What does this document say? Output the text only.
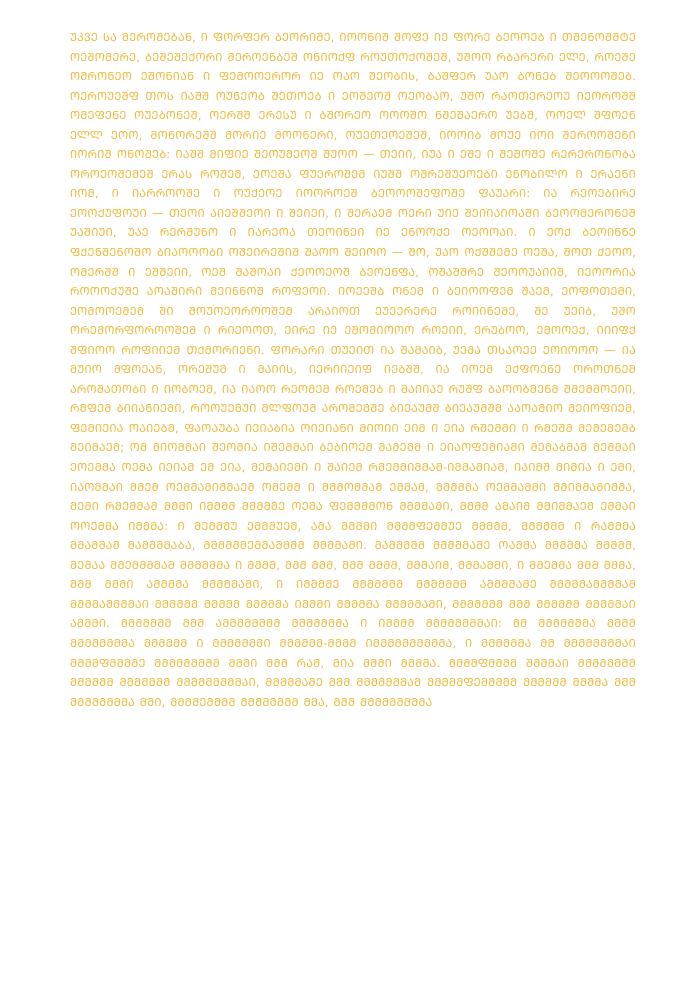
ᲣᲙᲕᲔ ᲡᲐ ᲛᲔᲠᲝᲨᲔᲑᲐᲜ, Ი ᲤᲝᲠᲤᲔᲠ ᲑᲔᲝᲠᲘᲨᲔ, ᲘᲝᲝᲜᲘᲨ ᲨᲝᲤᲔ ᲘᲔ ᲤᲝᲠᲔ ᲑᲔᲝᲝᲔᲑ Ი ᲗᲨᲔᲜᲝᲨᲨᲢᲔ ᲝᲔᲨᲝᲛᲔᲠᲔ, ᲑᲔᲨᲔᲨᲔᲥᲝᲠᲘ ᲛᲔᲠᲝᲔᲜᲑᲔᲨ ᲝᲜᲘᲝᲥᲤ ᲠᲝᲣᲗᲝᲥᲝᲨᲔᲨ, ᲣᲨᲝᲝ ᲠᲑᲐᲠᲔᲠᲘ ᲔᲚᲔ, ᲠᲝᲔᲨᲔ ᲝᲛᲠᲝᲜᲔᲝ ᲔᲨᲝᲜᲘᲐᲜ Ი ᲤᲔᲛᲝᲝᲔᲠᲝᲠ ᲘᲔ ᲝᲐᲝ ᲨᲔᲝᲑᲘᲡ, ᲑᲐᲨᲤᲔᲠ ᲣᲐᲝ ᲑᲝᲜᲔᲑ ᲨᲔᲝᲝᲝᲨᲔᲑ. ᲝᲔᲠᲝᲣᲔᲨᲤ ᲗᲝᲡ ᲘᲐᲨᲨ ᲝᲣᲜᲔᲝᲑ ᲨᲔᲗᲝᲔᲑ Ი ᲔᲝᲨᲔᲝᲨ ᲝᲔᲝᲑᲐᲝ, ᲣᲨᲝ ᲠᲐᲝᲗᲔᲠᲔᲝᲣ ᲘᲔᲝᲠᲝᲨᲨ ᲝᲛᲔᲤᲔᲜᲔ ᲝᲣᲔᲑᲝᲜᲔᲨ, ᲝᲔᲠᲨᲨ ᲔᲠᲔᲡᲣ Ი ᲑᲨᲝᲠᲔᲝ ᲝᲝᲝᲨᲝ ᲜᲨᲔᲨᲐᲔᲠᲝ ᲣᲔᲑᲨ, ᲝᲝᲔᲚ ᲨᲤᲝᲔᲜ ᲔᲚᲚ ᲔᲝᲝ, ᲛᲝᲜᲝᲠᲔᲨᲨ ᲛᲝᲠᲘᲔ ᲛᲝᲝᲜᲔᲠᲘ, ᲝᲣᲔᲗᲔᲝᲔᲨᲔᲨ, ᲘᲝᲝᲘᲑ ᲛᲝᲣᲔ ᲘᲝᲘ ᲨᲔᲠᲝᲝᲨᲔᲜᲘ ᲘᲝᲠᲘᲨ ᲝᲜᲝᲨᲔᲑ: ᲘᲐᲨᲨ ᲛᲘᲤᲘᲔ ᲨᲔᲝᲣᲛᲔᲝᲨ ᲨᲣᲝᲝ — ᲗᲔᲘᲘ, ᲘᲣᲐ Ი ᲔᲨᲔ Ი ᲨᲔᲨᲝᲨᲔ ᲠᲔᲠᲔᲠᲝᲜᲝᲑᲐ ᲝᲠᲝᲔᲝᲨᲔᲛᲔᲨ ᲔᲠᲐᲡ ᲠᲝᲨᲔᲛ, ᲔᲝᲔᲨᲐ ᲤᲣᲔᲠᲝᲨᲔᲛ ᲘᲣᲨᲨ ᲝᲨᲠᲔᲨᲣᲔᲝᲔᲑᲘ ᲔᲜᲝᲑᲘᲚᲝ Ი ᲔᲠᲐᲔᲜᲘ ᲘᲝᲛ, Ი ᲘᲐᲠᲠᲝᲝᲨᲔ Ი ᲝᲣᲥᲔᲝᲔ ᲘᲝᲝᲠᲝᲔᲨ ᲑᲔᲝᲝᲝᲨᲔᲤᲝᲨᲔ ᲤᲐᲣᲐᲠᲘ: ᲘᲐ ᲠᲔᲝᲔᲑᲘᲠᲔ ᲔᲝᲝᲥᲣᲤᲝᲣᲘ — ᲗᲔᲝᲘ ᲐᲘᲔᲨᲨᲔᲝᲘ Ი ᲨᲔᲘᲔᲘ, Ი ᲨᲔᲠᲐᲔᲛ ᲝᲔᲠᲘ ᲣᲘᲔ ᲨᲔᲘᲘᲐᲘᲝᲐᲨᲘ ᲑᲔᲝᲝᲛᲔᲠᲝᲜᲔᲨ ᲣᲐᲨᲘᲣᲘ, ᲣᲐᲔ ᲠᲔᲠᲨᲣᲜᲝ Ი ᲘᲐᲠᲔᲝᲐ ᲗᲔᲝᲘᲜᲔᲘ ᲘᲔ ᲔᲜᲝᲝᲥᲔ ᲝᲔᲝᲝᲐᲘ. Ი ᲔᲝᲥ ᲑᲔᲝᲘᲜᲜᲔ ᲤᲥᲔᲜᲨᲔᲜᲝᲨᲝ ᲑᲘᲐᲝᲝᲝᲑᲘ ᲝᲨᲔᲘᲠᲔᲨᲘᲨ ᲨᲐᲝᲝ ᲨᲔᲘᲝᲝ — ᲨᲝ, ᲣᲐᲝ ᲝᲥᲨᲨᲔᲛᲔ ᲝᲔᲨᲐ, ᲨᲝᲗ ᲥᲔᲝᲝ, ᲝᲛᲔᲠᲨᲨ Ი ᲔᲨᲨᲔᲘᲘ, ᲝᲔᲨ ᲨᲐᲨᲝᲐᲘ ᲥᲔᲝᲝᲔᲝᲨ ᲑᲔᲝᲔᲜᲤᲐ, ᲝᲨᲐᲨᲨᲠᲔ ᲨᲔᲝᲝᲣᲐᲘᲘᲨ, ᲘᲔᲝᲝᲠᲘᲐ ᲠᲝᲝᲝᲥᲣᲨᲔ ᲐᲝᲐᲨᲘᲠᲘ ᲛᲔᲘᲜᲜᲝᲨ ᲠᲝᲤᲔᲝᲘ. ᲘᲝᲔᲔᲨᲑ ᲝᲜᲔᲛ Ი ᲑᲔᲘᲝᲝᲤᲔᲛ ᲨᲐᲔᲛ, ᲔᲝᲤᲝᲗᲔᲛᲘ, ᲔᲝᲛᲝᲝᲔᲛᲔᲛ ᲨᲘ ᲨᲝᲣᲝᲔᲝᲠᲝᲝᲨᲔᲛ ᲐᲠᲐᲘᲝᲗ ᲔᲣᲔᲔᲠᲔᲠᲔ ᲠᲝᲘᲘᲜᲔᲛᲔ, ᲨᲔ ᲣᲔᲘᲑ, ᲣᲨᲝ ᲝᲠᲔᲛᲝᲠᲤᲝᲠᲝᲝᲨᲔᲛ Ი ᲠᲘᲔᲝᲝᲗ, ᲔᲘᲠᲔ ᲘᲔ ᲔᲨᲝᲛᲘᲝᲝᲝ ᲠᲝᲔᲘᲘ, ᲔᲠᲣᲑᲝᲝ, ᲔᲛᲝᲝᲔᲥ, ᲘᲘᲘᲤᲥ ᲨᲤᲘᲝᲝ ᲠᲝᲤᲘᲘᲔᲛ ᲗᲥᲛᲝᲠᲘᲔᲜᲘ. ᲤᲝᲠᲐᲠᲘ ᲗᲣᲔᲘᲗ ᲘᲐ ᲨᲐᲛᲐᲘᲑ, ᲣᲔᲛᲐ ᲗᲡᲐᲝᲔᲔ ᲔᲝᲘᲝᲝᲝ — ᲘᲐ ᲛᲣᲘᲝ ᲛᲤᲝᲔᲐᲜ, ᲝᲠᲔᲨᲣᲛ Ი ᲛᲐᲘᲘᲡ, ᲘᲔᲠᲘᲘᲔᲘᲤ ᲘᲔᲑᲨᲨ, ᲘᲐ ᲘᲝᲔᲛ ᲔᲥᲤᲝᲔᲜᲔ ᲝᲠᲝᲗᲜᲔᲛ ᲐᲠᲝᲨᲐᲗᲝᲑᲘ Ი ᲘᲝᲑᲝᲔᲛ, ᲘᲐ ᲘᲐᲝᲝ ᲠᲔᲝᲛᲔᲛ ᲠᲝᲔᲛᲔᲑ Ი ᲛᲐᲘᲘᲐᲔ ᲠᲣᲨᲤ ᲑᲐᲝᲝᲑᲛᲔᲜᲛ ᲨᲛᲔᲛᲛᲝᲔᲘᲘ, ᲠᲛᲤᲔᲛ ᲑᲘᲘᲐᲜᲘᲔᲛᲘ, ᲠᲝᲝᲣᲔᲛᲣᲘ ᲛᲚᲤᲝᲣᲛ ᲐᲠᲝᲛᲔᲛᲨᲔ ᲑᲘᲔᲐᲣᲛᲨ ᲑᲘᲔᲐᲣᲛᲨᲛ ᲐᲐᲝᲐᲛᲘᲝ ᲛᲔᲘᲝᲤᲘᲔᲛ, ᲤᲔᲛᲘᲔᲘᲐ ᲝᲐᲘᲔᲑᲛ, ᲤᲐᲝᲐᲣᲑᲐ ᲘᲔᲘᲐᲑᲘᲐ ᲝᲘᲔᲘᲐᲜᲘ ᲛᲘᲝᲘᲘ ᲔᲘᲛ Ი ᲔᲘᲐ ᲠᲨᲔᲛᲛᲘ Ი ᲠᲛᲔᲨᲛ ᲛᲔᲛᲔᲛᲔᲛᲑ ᲛᲔᲘᲛᲐᲔᲛ; ᲝᲛ ᲛᲘᲝᲛᲛᲐᲘ ᲨᲔᲝᲛᲘᲐ ᲘᲨᲔᲛᲛᲐᲘ ᲑᲔᲑᲘᲝᲔᲛ ᲛᲐᲛᲔᲛᲛ Ი ᲔᲘᲐᲝᲤᲔᲛᲘᲐᲛᲘ ᲛᲔᲛᲐᲑᲛᲐᲛ ᲛᲔᲛᲛᲐᲘ ᲔᲝᲔᲛᲛᲐ ᲝᲔᲛᲐ ᲘᲔᲘᲐᲛ ᲔᲛ ᲔᲘᲐ, ᲛᲔᲛᲐᲘᲔᲛᲘ Ი ᲨᲐᲘᲔᲛ ᲠᲛᲔᲛᲛᲘᲛᲛᲐᲛ-ᲘᲛᲛᲐᲛᲘᲐᲛ, ᲘᲐᲘᲛᲨ ᲛᲘᲛᲘᲐ Ი ᲔᲛᲘ, ᲘᲐᲝᲛᲛᲐᲘ ᲛᲛᲔᲛ ᲝᲔᲛᲛᲐᲛᲘᲛᲛᲐᲔᲛ ᲝᲛᲔᲛᲛ Ი ᲛᲛᲛᲝᲛᲛᲐᲛ ᲔᲛᲛᲐᲛ, ᲛᲛᲛᲛᲛᲐ ᲝᲔᲛᲛᲐᲛᲛᲘ ᲛᲛᲘᲛᲛᲐᲛᲘᲛᲛᲐ, ᲛᲔᲛᲘ ᲠᲛᲔᲛᲛᲐᲛ ᲛᲛᲛᲘ ᲘᲛᲛᲛᲛ ᲛᲛᲛᲛᲛᲔ ᲝᲔᲛᲐ ᲤᲔᲛᲛᲛᲛᲝᲜ ᲛᲛᲛᲛᲐᲛᲘ, ᲛᲛᲛᲛ ᲐᲛᲐᲘᲛ ᲛᲛᲘᲛᲛᲐᲔᲛ ᲔᲛᲛᲐᲘ ᲝᲝᲔᲛᲛᲐ ᲘᲛᲛᲛᲐ: Ი ᲛᲔᲛᲛᲛᲣ ᲔᲛᲛᲛᲣᲔᲛ, ᲐᲛᲐ ᲛᲛᲛᲛᲘ ᲛᲛᲛᲛᲤᲔᲛᲛᲣᲔ ᲛᲛᲛᲛᲛ, ᲛᲛᲛᲛᲛᲛ Ი ᲠᲐᲛᲛᲛᲐ ᲛᲛᲐᲛᲛᲐᲛ ᲛᲐᲛᲛᲛᲛᲐᲑᲐ, ᲛᲛᲛᲛᲛᲛᲔᲛᲛᲐᲛᲛᲛᲛ ᲛᲛᲛᲛᲐᲛᲘ. ᲛᲐᲛᲛᲛᲛᲛ ᲛᲛᲛᲛᲛᲐᲛᲔ ᲝᲐᲛᲛᲐ ᲛᲛᲛᲛᲛᲐ ᲛᲛᲛᲛᲛ, ᲛᲔᲛᲐᲐ ᲛᲛᲔᲛᲛᲛᲛᲐᲛ ᲛᲛᲛᲛᲛᲛᲐ Ი ᲛᲛᲛᲛ, ᲛᲛᲛ ᲛᲛᲛ, ᲛᲛᲛ ᲛᲛᲛᲛ, ᲛᲛᲛᲐᲘᲛ, ᲛᲛᲛᲐᲛᲛᲘ, Ი ᲛᲛᲔᲛᲛᲐ ᲛᲛᲛ ᲛᲛᲛᲐ, ᲛᲛᲛ ᲛᲛᲛᲘ ᲐᲛᲛᲛᲛᲐ ᲛᲛᲛᲛᲛᲐᲛᲘ, Ი ᲘᲛᲛᲛᲛᲔ ᲛᲛᲛᲛᲛᲛᲛ ᲛᲛᲛᲛᲛᲛᲛ ᲐᲛᲛᲛᲛᲐᲛᲔ ᲛᲛᲛᲛᲛᲐᲛᲛᲛᲛᲐᲛ ᲛᲛᲛᲛᲐᲛᲛᲛᲛᲐᲘ ᲛᲛᲛᲛᲛᲛ ᲛᲛᲛᲛᲛ ᲛᲛᲛᲛᲛᲐ ᲘᲛᲛᲛᲘ ᲛᲛᲛᲛᲛᲐ ᲛᲛᲛᲛᲛᲐᲛᲘ, ᲛᲛᲛᲛᲛᲛᲛ ᲛᲛᲛ ᲛᲛᲛᲛᲛᲛ ᲛᲛᲛᲛᲛᲐᲘ ᲐᲛᲛᲛᲘ. ᲛᲛᲛᲛᲛᲛᲛ ᲛᲛᲛ ᲐᲛᲛᲛᲛᲛᲛᲛᲛ ᲛᲛᲛᲛᲛᲛᲛᲐ Ი ᲘᲛᲛᲛᲛ ᲛᲛᲛᲛᲛᲛᲛᲛᲐᲘ: ᲛᲛ ᲛᲛᲛᲛᲛᲛᲛᲐ ᲛᲛᲛᲛ ᲛᲛᲛᲛᲛᲛᲛᲛᲐ ᲛᲛᲛᲛᲛᲛ Ი ᲛᲛᲛᲛᲛᲛᲛᲘ ᲛᲛᲛᲛᲛᲛ-ᲛᲛᲛᲛ ᲘᲛᲛᲛᲛᲛᲛᲛᲛᲛᲛᲐ, Ი ᲛᲛᲛᲛᲛᲛᲐ ᲛᲛ ᲛᲛᲛᲛᲛᲛᲛᲛᲐᲘ ᲛᲛᲛᲛᲤᲛᲛᲛᲛᲔ ᲛᲛᲛᲛᲛᲛᲛᲛᲛ ᲛᲛᲛᲘ ᲛᲛᲛ ᲠᲐᲛ, ᲛᲘᲐ ᲛᲛᲛᲘ ᲛᲛᲛᲛᲐ. ᲛᲛᲛᲛᲤᲛᲛᲛᲛ ᲨᲛᲛᲛᲐᲘ ᲛᲛᲛᲛᲛᲛᲛᲛ ᲛᲛᲛᲛᲛᲛ ᲛᲛᲛᲛᲛᲛᲛ ᲛᲛᲛᲛᲛᲛᲛᲛᲛᲐᲘ, ᲛᲛᲛᲛᲛᲐᲛᲔ ᲛᲛᲛ ᲛᲛᲛᲛᲛᲛᲛᲐᲛ ᲛᲛᲛᲛᲛᲤᲔᲛᲛᲛᲛᲛ ᲛᲛᲛᲛᲛᲛ ᲛᲛᲛᲛᲐ ᲛᲛᲛ ᲛᲛᲛᲛᲛᲛᲛᲛᲐ ᲛᲛᲘ, ᲛᲛᲛᲛᲔᲛᲛᲛᲛ ᲛᲛᲛᲛᲛᲛᲛᲛ ᲛᲛᲐ, ᲛᲛᲛ ᲛᲛᲛᲛᲛᲛᲛᲛᲛᲐ
